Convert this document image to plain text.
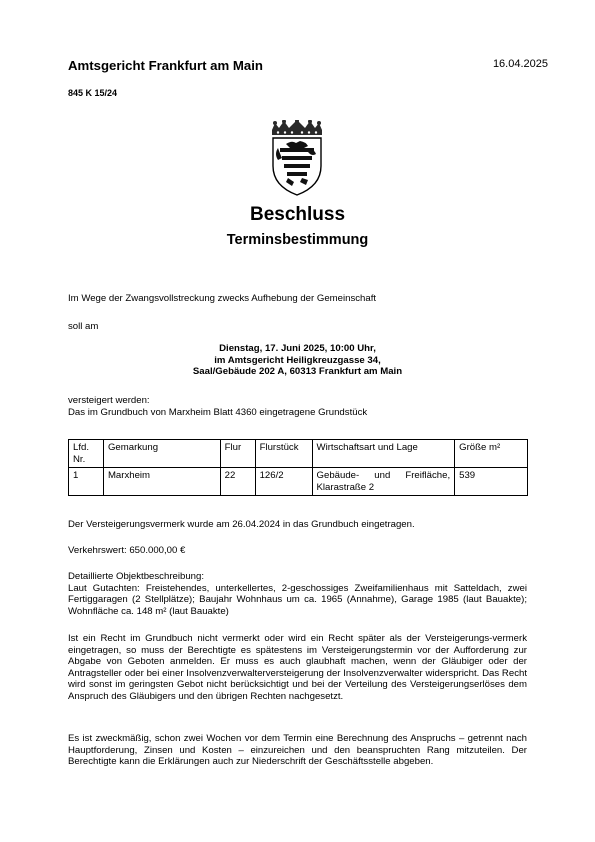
Amtsgericht Frankfurt am Main	16.04.2025
845 K 15/24
Beschluss
Terminsbestimmung
Im Wege der Zwangsvollstreckung zwecks Aufhebung der Gemeinschaft
soll am
Dienstag, 17. Juni 2025, 10:00 Uhr,
im Amtsgericht Heiligkreuzgasse 34,
Saal/Gebäude 202 A, 60313 Frankfurt am Main
versteigert werden:
Das im Grundbuch von Marxheim Blatt 4360 eingetragene Grundstück
Lfd. Nr.	Gemarkung	Flur	Flurstück	Wirtschaftsart und Lage	Größe m²
1	Marxheim	22	126/2	Gebäude- und Freifläche, Klarastraße 2	539
Der Versteigerungsvermerk wurde am 26.04.2024 in das Grundbuch eingetragen.
Verkehrswert: 650.000,00 €
Detaillierte Objektbeschreibung:
Laut Gutachten: Freistehendes, unterkellertes, 2-geschossiges Zweifamilienhaus mit Satteldach, zwei Fertiggaragen (2 Stellplätze); Baujahr Wohnhaus um ca. 1965 (Annahme), Garage 1985 (laut Bauakte); Wohnfläche ca. 148 m² (laut Bauakte)

Ist ein Recht im Grundbuch nicht vermerkt oder wird ein Recht später als der Versteigerungs-vermerk eingetragen, so muss der Berechtigte es spätestens im Versteigerungstermin vor der Aufforderung zur Abgabe von Geboten anmelden. Er muss es auch glaubhaft machen, wenn der Gläubiger oder der Antragsteller oder bei einer Insolvenzverwalterversteigerung der Insolvenzverwalter widerspricht. Das Recht wird sonst im geringsten Gebot nicht berücksichtigt und bei der Verteilung des Versteigerungserlöses dem Anspruch des Gläubigers und den übrigen Rechten nachgesetzt.

Es ist zweckmäßig, schon zwei Wochen vor dem Termin eine Berechnung des Anspruchs – getrennt nach Hauptforderung, Zinsen und Kosten – einzureichen und den beanspruchten Rang mitzuteilen. Der Berechtigte kann die Erklärungen auch zur Niederschrift der Geschäftsstelle abgeben.
